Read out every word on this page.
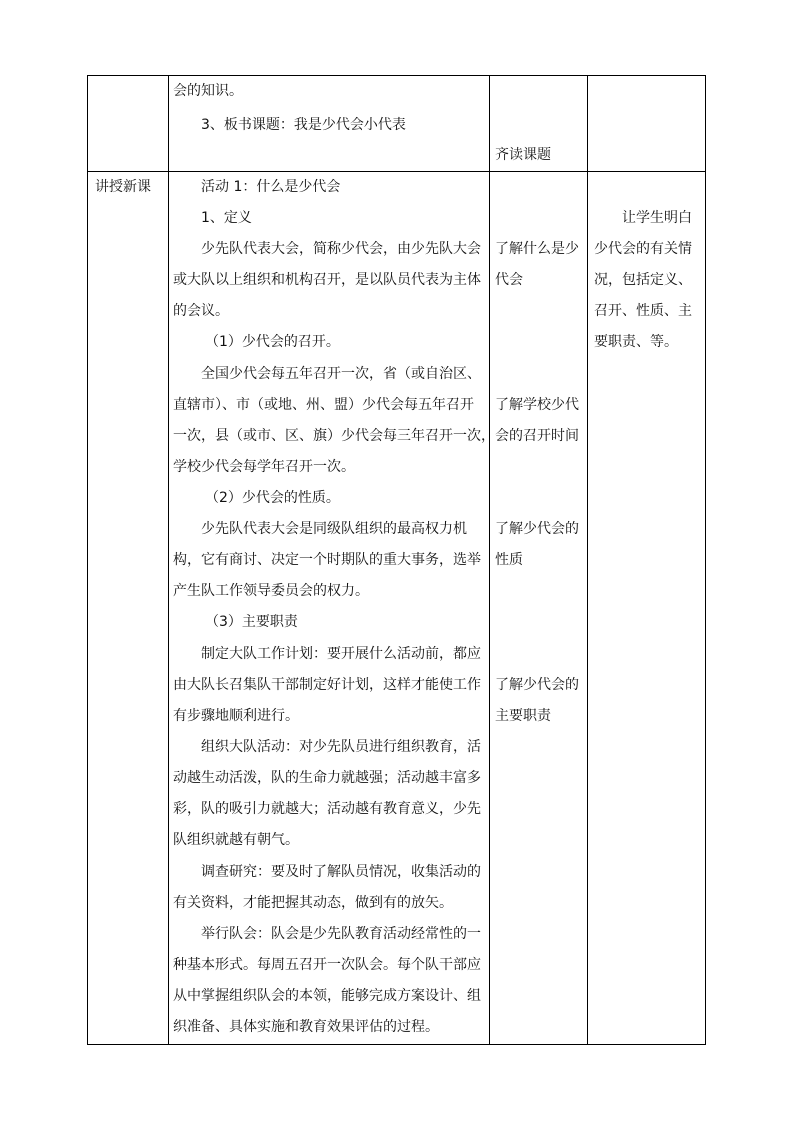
会的知识。
3、板书课题：我是少代会小代表
齐读课题
讲授新课	活动 1：什么是少代会
1、定义
少先队代表大会，简称少代会，由少先队大会
或大队以上组织和机构召开，是以队员代表为主体
的会议。
（1）少代会的召开。
全国少代会每五年召开一次，省（或自治区、
直辖市）、市（或地、州、盟）少代会每五年召开
一次，县（或市、区、旗）少代会每三年召开一次，
学校少代会每学年召开一次。
（2）少代会的性质。
少先队代表大会是同级队组织的最高权力机
构，它有商讨、决定一个时期队的重大事务，选举
产生队工作领导委员会的权力。
（3）主要职责
制定大队工作计划：要开展什么活动前，都应
由大队长召集队干部制定好计划，这样才能使工作
有步骤地顺利进行。
组织大队活动：对少先队员进行组织教育，活
动越生动活泼，队的生命力就越强；活动越丰富多
彩，队的吸引力就越大；活动越有教育意义，少先
队组织就越有朝气。
调查研究：要及时了解队员情况，收集活动的
有关资料，才能把握其动态，做到有的放矢。
举行队会：队会是少先队教育活动经常性的一
种基本形式。每周五召开一次队会。每个队干部应
从中掌握组织队会的本领，能够完成方案设计、组
织准备、具体实施和教育效果评估的过程。
了解什么是少
代会
了解学校少代
会的召开时间
了解少代会的
性质
了解少代会的
主要职责
让学生明白
少代会的有关情
况，包括定义、
召开、性质、主
要职责、等。
